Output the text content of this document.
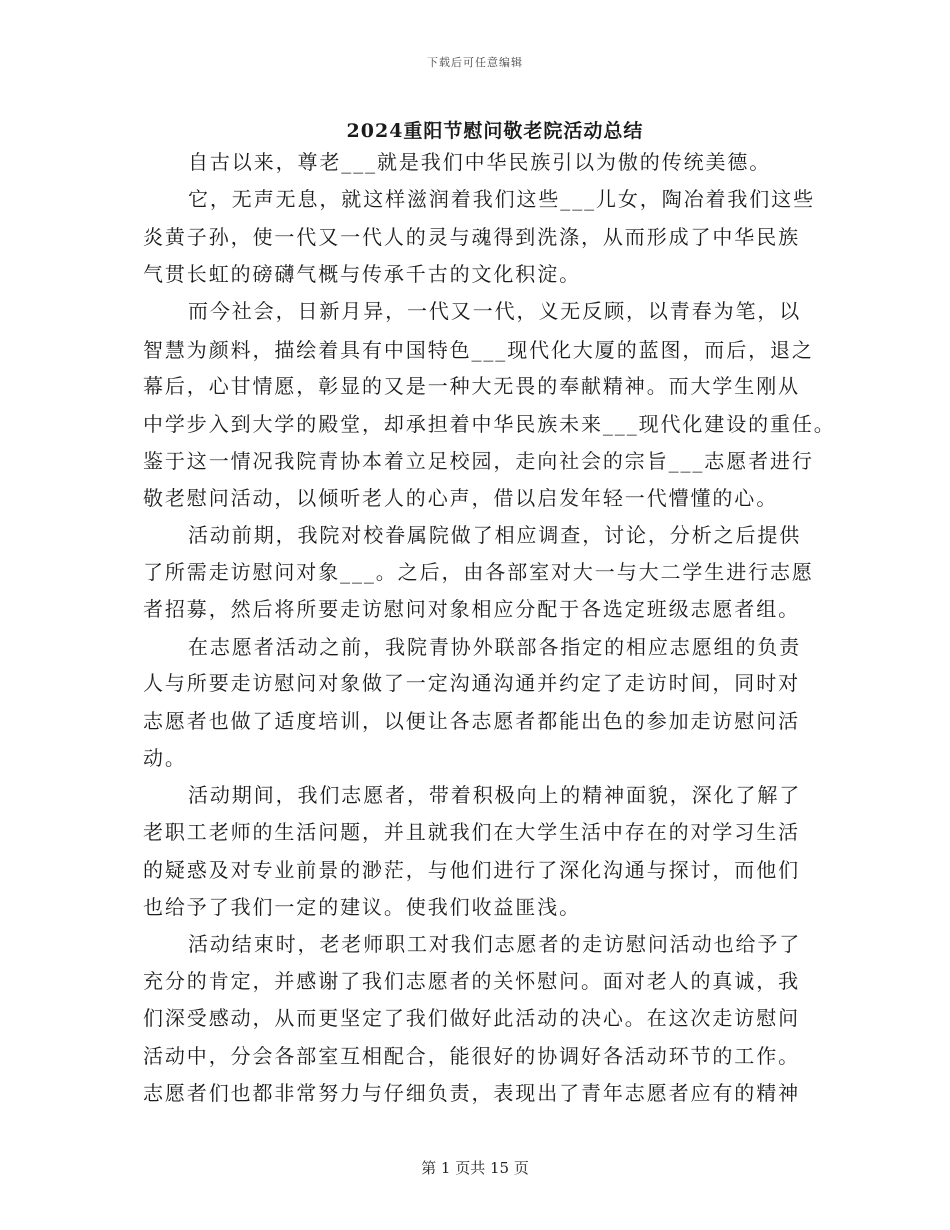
下载后可任意编辑
2024重阳节慰问敬老院活动总结
自古以来，尊老___就是我们中华民族引以为傲的传统美德。
它，无声无息，就这样滋润着我们这些___儿女，陶冶着我们这些
炎黄子孙，使一代又一代人的灵与魂得到洗涤，从而形成了中华民族
气贯长虹的磅礴气概与传承千古的文化积淀。
而今社会，日新月异，一代又一代，义无反顾，以青春为笔，以
智慧为颜料，描绘着具有中国特色___现代化大厦的蓝图，而后，退之
幕后，心甘情愿，彰显的又是一种大无畏的奉献精神。而大学生刚从
中学步入到大学的殿堂，却承担着中华民族未来___现代化建设的重任。
鉴于这一情况我院青协本着立足校园，走向社会的宗旨___志愿者进行
敬老慰问活动，以倾听老人的心声，借以启发年轻一代懵懂的心。
活动前期，我院对校眷属院做了相应调查，讨论，分析之后提供
了所需走访慰问对象___。之后，由各部室对大一与大二学生进行志愿
者招募，然后将所要走访慰问对象相应分配于各选定班级志愿者组。
在志愿者活动之前，我院青协外联部各指定的相应志愿组的负责
人与所要走访慰问对象做了一定沟通沟通并约定了走访时间，同时对
志愿者也做了适度培训，以便让各志愿者都能出色的参加走访慰问活
动。
活动期间，我们志愿者，带着积极向上的精神面貌，深化了解了
老职工老师的生活问题，并且就我们在大学生活中存在的对学习生活
的疑惑及对专业前景的渺茫，与他们进行了深化沟通与探讨，而他们
也给予了我们一定的建议。使我们收益匪浅。
活动结束时，老老师职工对我们志愿者的走访慰问活动也给予了
充分的肯定，并感谢了我们志愿者的关怀慰问。面对老人的真诚，我
们深受感动，从而更坚定了我们做好此活动的决心。在这次走访慰问
活动中，分会各部室互相配合，能很好的协调好各活动环节的工作。
志愿者们也都非常努力与仔细负责，表现出了青年志愿者应有的精神
第 1 页共 15 页
